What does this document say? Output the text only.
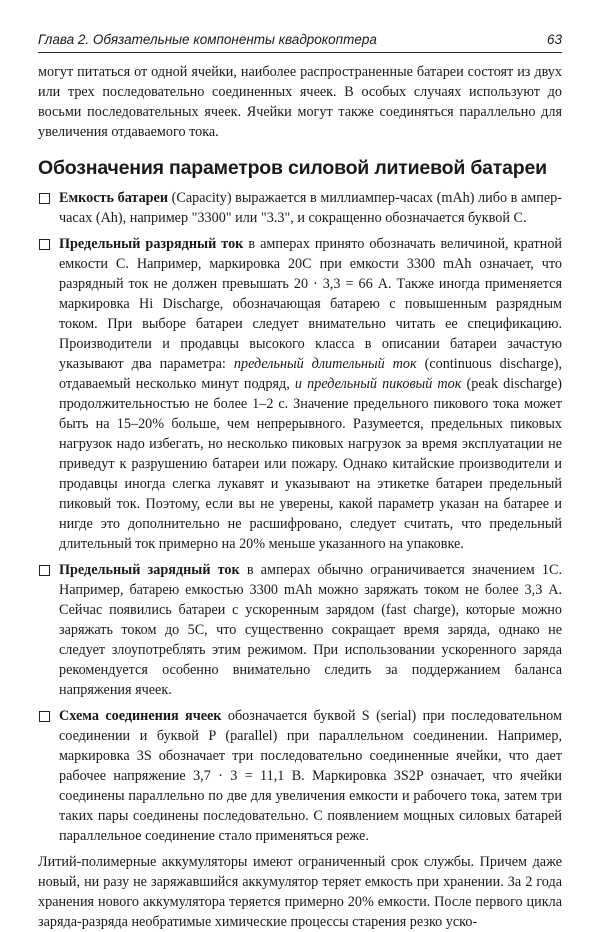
Глава 2. Обязательные компоненты квадрокоптера	63

могут питаться от одной ячейки, наиболее распространенные батареи состоят из двух или трех последовательно соединенных ячеек. В особых случаях используют до восьми последовательных ячеек. Ячейки могут также соединяться параллельно для увеличения отдаваемого тока.

Обозначения параметров силовой литиевой батареи
Емкость батареи (Capacity) выражается в миллиампер-часах (mAh) либо в ампер-часах (Ah), например "3300" или "3.3", и сокращенно обозначается буквой C.
Предельный разрядный ток в амперах принято обозначать величиной, кратной емкости C. Например, маркировка 20C при емкости 3300 mAh означает, что разрядный ток не должен превышать 20 · 3,3 = 66 А. Также иногда применяется маркировка Hi Discharge, обозначающая батарею с повышенным разрядным током. При выборе батареи следует внимательно читать ее спецификацию. Производители и продавцы высокого класса в описании батареи зачастую указывают два параметра: предельный длительный ток (continuous discharge), отдаваемый несколько минут подряд, и предельный пиковый ток (peak discharge) продолжительностью не более 1–2 с. Значение предельного пикового тока может быть на 15–20% больше, чем непрерывного. Разумеется, предельных пиковых нагрузок надо избегать, но несколько пиковых нагрузок за время эксплуатации не приведут к разрушению батареи или пожару. Однако китайские производители и продавцы иногда слегка лукавят и указывают на этикетке батареи предельный пиковый ток. Поэтому, если вы не уверены, какой параметр указан на батарее и нигде это дополнительно не расшифровано, следует считать, что предельный длительный ток примерно на 20% меньше указанного на упаковке.
Предельный зарядный ток в амперах обычно ограничивается значением 1C. Например, батарею емкостью 3300 mAh можно заряжать током не более 3,3 А. Сейчас появились батареи с ускоренным зарядом (fast charge), которые можно заряжать током до 5C, что существенно сокращает время заряда, однако не следует злоупотреблять этим режимом. При использовании ускоренного заряда рекомендуется особенно внимательно следить за поддержанием баланса напряжения ячеек.
Схема соединения ячеек обозначается буквой S (serial) при последовательном соединении и буквой P (parallel) при параллельном соединении. Например, маркировка 3S обозначает три последовательно соединенные ячейки, что дает рабочее напряжение 3,7 · 3 = 11,1 В. Маркировка 3S2P означает, что ячейки соединены параллельно по две для увеличения емкости и рабочего тока, затем три таких пары соединены последовательно. С появлением мощных силовых батарей параллельное соединение стало применяться реже.

Литий-полимерные аккумуляторы имеют ограниченный срок службы. Причем даже новый, ни разу не заряжавшийся аккумулятор теряет емкость при хранении. За 2 года хранения нового аккумулятора теряется примерно 20% емкости. После первого цикла заряда-разряда необратимые химические процессы старения резко уско-
